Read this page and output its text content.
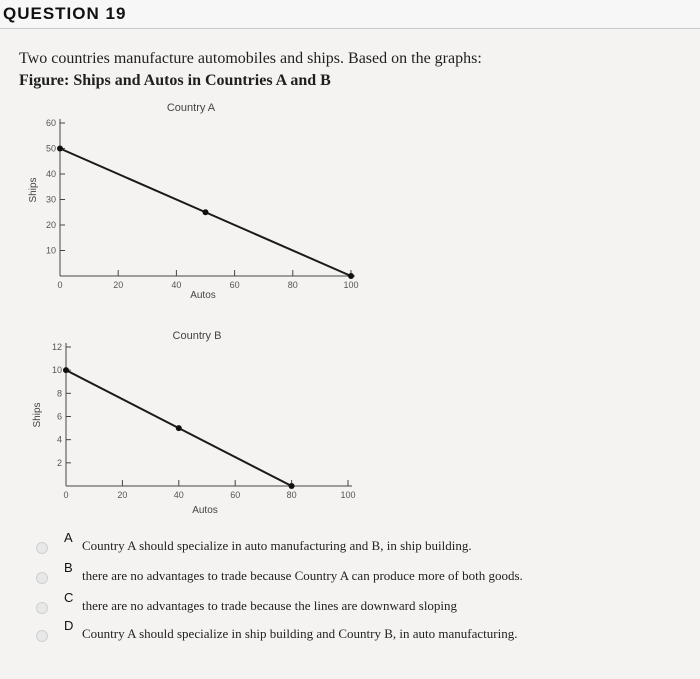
QUESTION 19
Two countries manufacture automobiles and ships. Based on the graphs:
Figure: Ships and Autos in Countries A and B
Country A
Autos
Ships
10
20
30
40
50
60
0	20	40	60	80	100
Country B
Autos
Ships
2
4
6
8
10
12
0	20	40	60	80	100
A
Country A should specialize in auto manufacturing and B, in ship building.
B
there are no advantages to trade because Country A can produce more of both goods.
C
there are no advantages to trade because the lines are downward sloping
D
Country A should specialize in ship building and Country B, in auto manufacturing.
